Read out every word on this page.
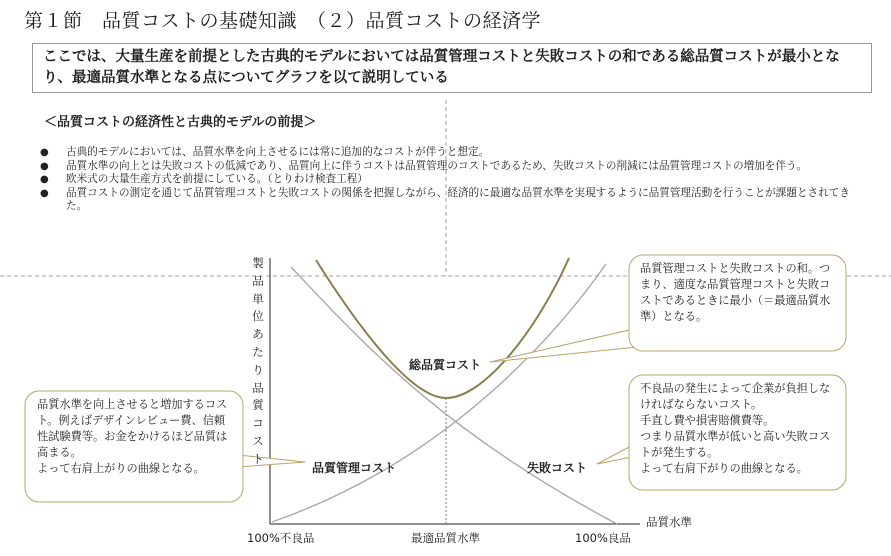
第１節　品質コストの基礎知識　（２）品質コストの経済学
ここでは、大量生産を前提とした古典的モデルにおいては品質管理コストと失敗コストの和である総品質コストが最小となり、最適品質水準となる点についてグラフを以て説明している
＜品質コストの経済性と古典的モデルの前提＞
● 古典的モデルにおいては、品質水準を向上させるには常に追加的なコストが伴うと想定。
● 品質水準の向上とは失敗コストの低減であり、品質向上に伴うコストは品質管理のコストであるため、失敗コストの削減には品質管理コストの増加を伴う。
● 欧米式の大量生産方式を前提にしている。（とりわけ検査工程）
● 品質コストの測定を通じて品質管理コストと失敗コストの関係を把握しながら、経済的に最適な品質水準を実現するように品質管理活動を行うことが課題とされてきた。
製
品
単
位
あ
た
り
品
質
コ
ス
ト
100%不良品	最適品質水準	100%良品
品質水準
総品質コスト
品質管理コスト	失敗コスト
品質管理コストと失敗コストの和。つまり、適度な品質管理コストと失敗コストであるときに最小（＝最適品質水準）となる。
不良品の発生によって企業が負担しなければならないコスト。
手直し費や損害賠償費等。
つまり品質水準が低いと高い失敗コストが発生する。
よって右肩下がりの曲線となる。
品質水準を向上させると増加するコスト。例えばデザインレビュー費、信頼性試験費等。お金をかけるほど品質は高まる。
よって右肩上がりの曲線となる。
